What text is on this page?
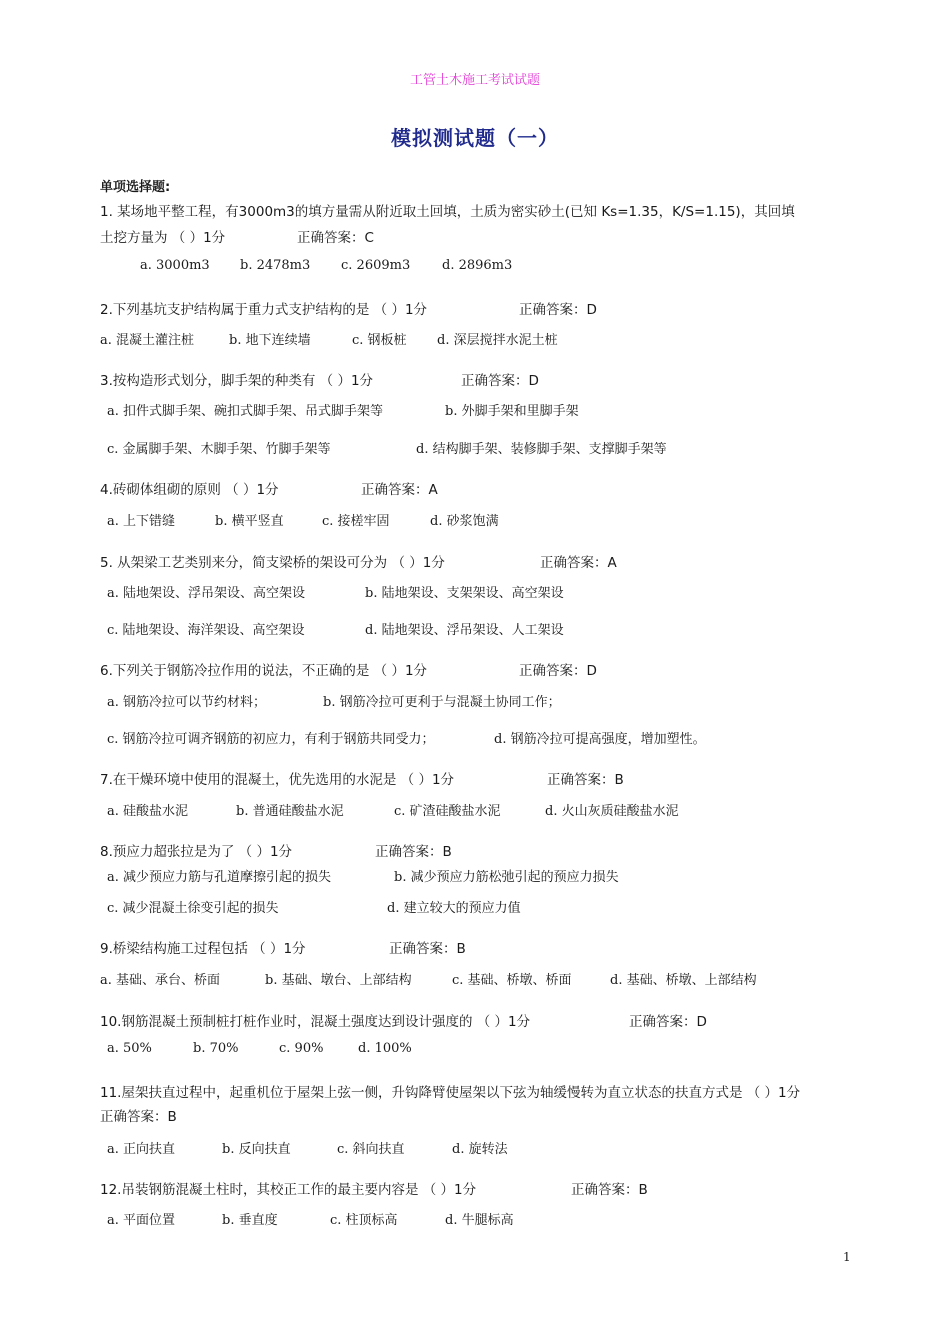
工管土木施工考试试题
模拟测试题（一）
单项选择题:
1. 某场地平整工程，有3000m3的填方量需从附近取土回填，土质为密实砂土(已知 Ks=1.35，K/S=1.15)，其回填
土挖方量为 （ ）1分	正确答案：C
a. 3000m3 b. 2478m3 c. 2609m3 d. 2896m3
2.下列基坑支护结构属于重力式支护结构的是 （ ）1分	正确答案：D
a. 混凝土灌注桩	b. 地下连续墙	c. 钢板桩 d. 深层搅拌水泥土桩
3.按构造形式划分，脚手架的种类有 （ ）1分	正确答案：D
a. 扣件式脚手架、碗扣式脚手架、吊式脚手架等	b. 外脚手架和里脚手架
c. 金属脚手架、木脚手架、竹脚手架等	d. 结构脚手架、装修脚手架、支撑脚手架等
4.砖砌体组砌的原则 （ ）1分	正确答案：A
a. 上下错缝	b. 横平竖直	c. 接槎牢固	d. 砂浆饱满
5. 从架梁工艺类别来分，简支梁桥的架设可分为 （ ）1分	正确答案：A
a. 陆地架设、浮吊架设、高空架设	b. 陆地架设、支架架设、高空架设
c. 陆地架设、海洋架设、高空架设	d. 陆地架设、浮吊架设、人工架设
6.下列关于钢筋冷拉作用的说法，不正确的是 （ ）1分	正确答案：D
a. 钢筋冷拉可以节约材料；	b. 钢筋冷拉可更利于与混凝土协同工作；
c. 钢筋冷拉可调齐钢筋的初应力，有利于钢筋共同受力；	d. 钢筋冷拉可提高强度，增加塑性。
7.在干燥环境中使用的混凝土，优先选用的水泥是 （ ）1分	正确答案：B
a. 硅酸盐水泥	b. 普通硅酸盐水泥	c. 矿渣硅酸盐水泥	d. 火山灰质硅酸盐水泥
8.预应力超张拉是为了 （ ）1分	正确答案：B
a. 减少预应力筋与孔道摩擦引起的损失	b. 减少预应力筋松弛引起的预应力损失
c. 减少混凝土徐变引起的损失	d. 建立较大的预应力值
9.桥梁结构施工过程包括 （ ）1分	正确答案：B
a. 基础、承台、桥面	b. 基础、墩台、上部结构	c. 基础、桥墩、桥面	d. 基础、桥墩、上部结构
10.钢筋混凝土预制桩打桩作业时，混凝土强度达到设计强度的 （ ）1分	正确答案：D
a. 50%	b. 70%	c. 90%	d. 100%
11.屋架扶直过程中，起重机位于屋架上弦一侧，升钩降臂使屋架以下弦为轴缓慢转为直立状态的扶直方式是 （ ）1分
正确答案：B
a. 正向扶直	b. 反向扶直	c. 斜向扶直	d. 旋转法
12.吊装钢筋混凝土柱时，其校正工作的最主要内容是 （ ）1分	正确答案：B
a. 平面位置	b. 垂直度	c. 柱顶标高	d. 牛腿标高
1
